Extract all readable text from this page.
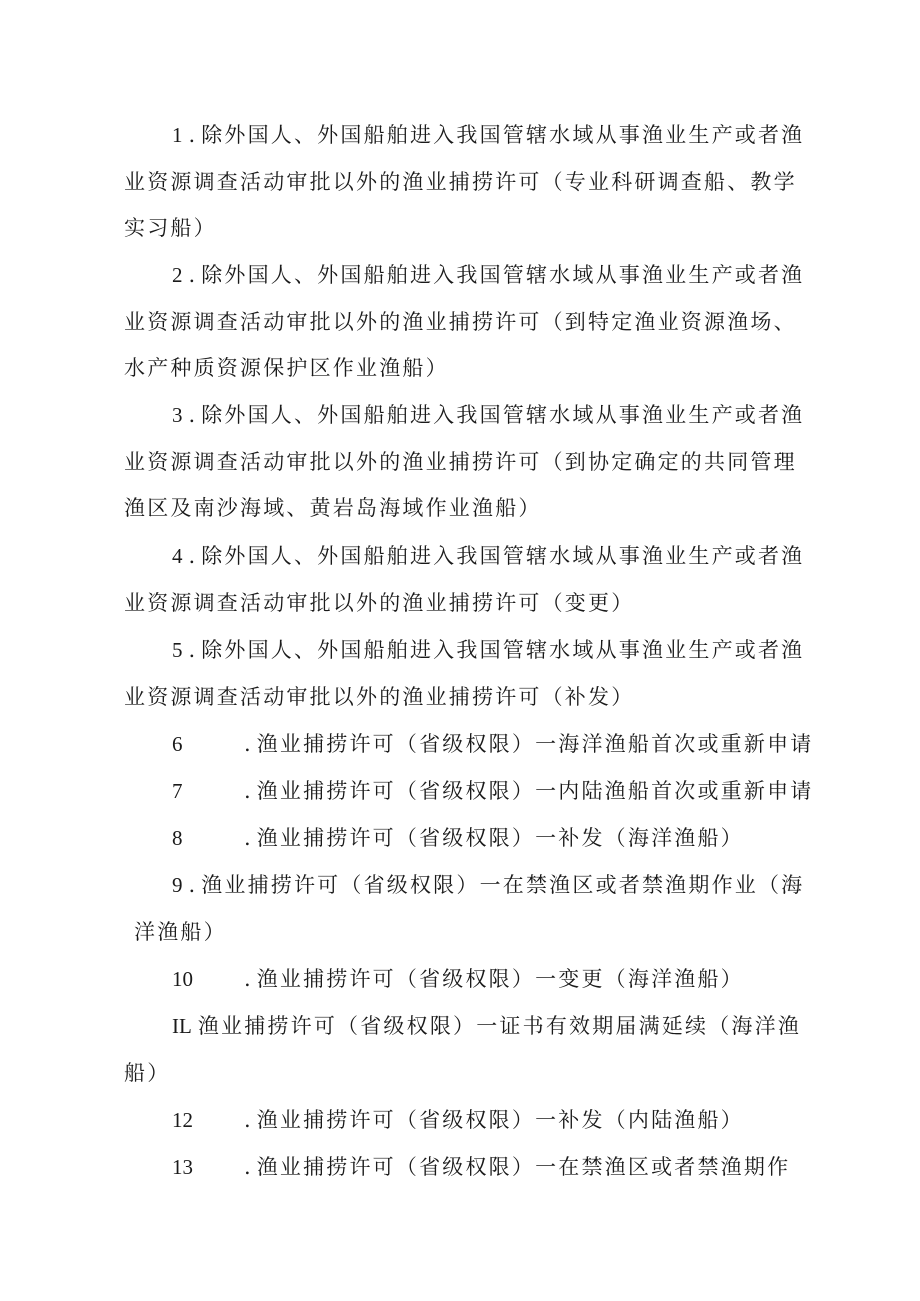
1 . 除外国人、外国船舶进入我国管辖水域从事渔业生产或者渔
业资源调查活动审批以外的渔业捕捞许可（专业科研调查船、教学
实习船）
2 . 除外国人、外国船舶进入我国管辖水域从事渔业生产或者渔
业资源调查活动审批以外的渔业捕捞许可（到特定渔业资源渔场、
水产种质资源保护区作业渔船）
3 . 除外国人、外国船舶进入我国管辖水域从事渔业生产或者渔
业资源调查活动审批以外的渔业捕捞许可（到协定确定的共同管理
渔区及南沙海域、黄岩岛海域作业渔船）
4 . 除外国人、外国船舶进入我国管辖水域从事渔业生产或者渔
业资源调查活动审批以外的渔业捕捞许可（变更）
5 . 除外国人、外国船舶进入我国管辖水域从事渔业生产或者渔
业资源调查活动审批以外的渔业捕捞许可（补发）
6	. 渔业捕捞许可（省级权限）一海洋渔船首次或重新申请
7	. 渔业捕捞许可（省级权限）一内陆渔船首次或重新申请
8	. 渔业捕捞许可（省级权限）一补发（海洋渔船）
9 . 渔业捕捞许可（省级权限）一在禁渔区或者禁渔期作业（海
洋渔船）
10 . 渔业捕捞许可（省级权限）一变更（海洋渔船）
IL 渔业捕捞许可（省级权限）一证书有效期届满延续（海洋渔
船）
12 . 渔业捕捞许可（省级权限）一补发（内陆渔船）
13 . 渔业捕捞许可（省级权限）一在禁渔区或者禁渔期作
